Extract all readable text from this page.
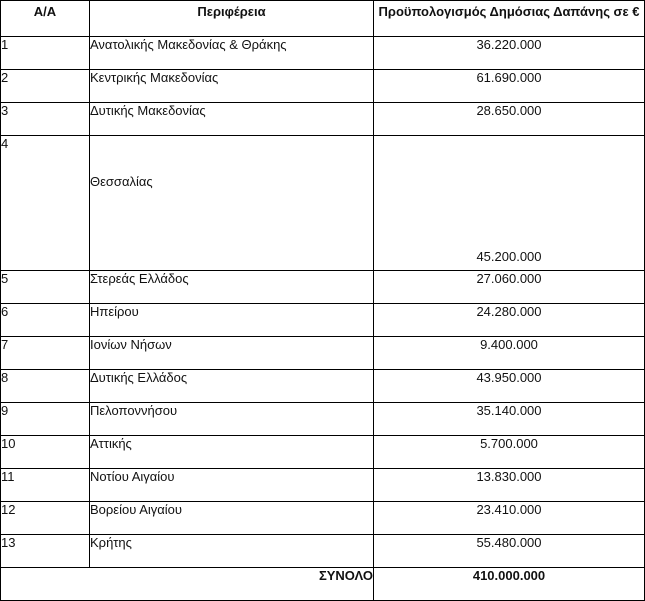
Α/Α	Περιφέρεια	Προϋπολογισμός Δημόσιας Δαπάνης σε €
1	Ανατολικής Μακεδονίας & Θράκης	36.220.000
2	Κεντρικής Μακεδονίας	61.690.000
3	Δυτικής Μακεδονίας	28.650.000
4	Θεσσαλίας	45.200.000
5	Στερεάς Ελλάδος	27.060.000
6	Ηπείρου	24.280.000
7	Ιονίων Νήσων	9.400.000
8	Δυτικής Ελλάδος	43.950.000
9	Πελοποννήσου	35.140.000
10	Αττικής	5.700.000
11	Νοτίου Αιγαίου	13.830.000
12	Βορείου Αιγαίου	23.410.000
13	Κρήτης	55.480.000
ΣΥΝΟΛΟ		410.000.000
